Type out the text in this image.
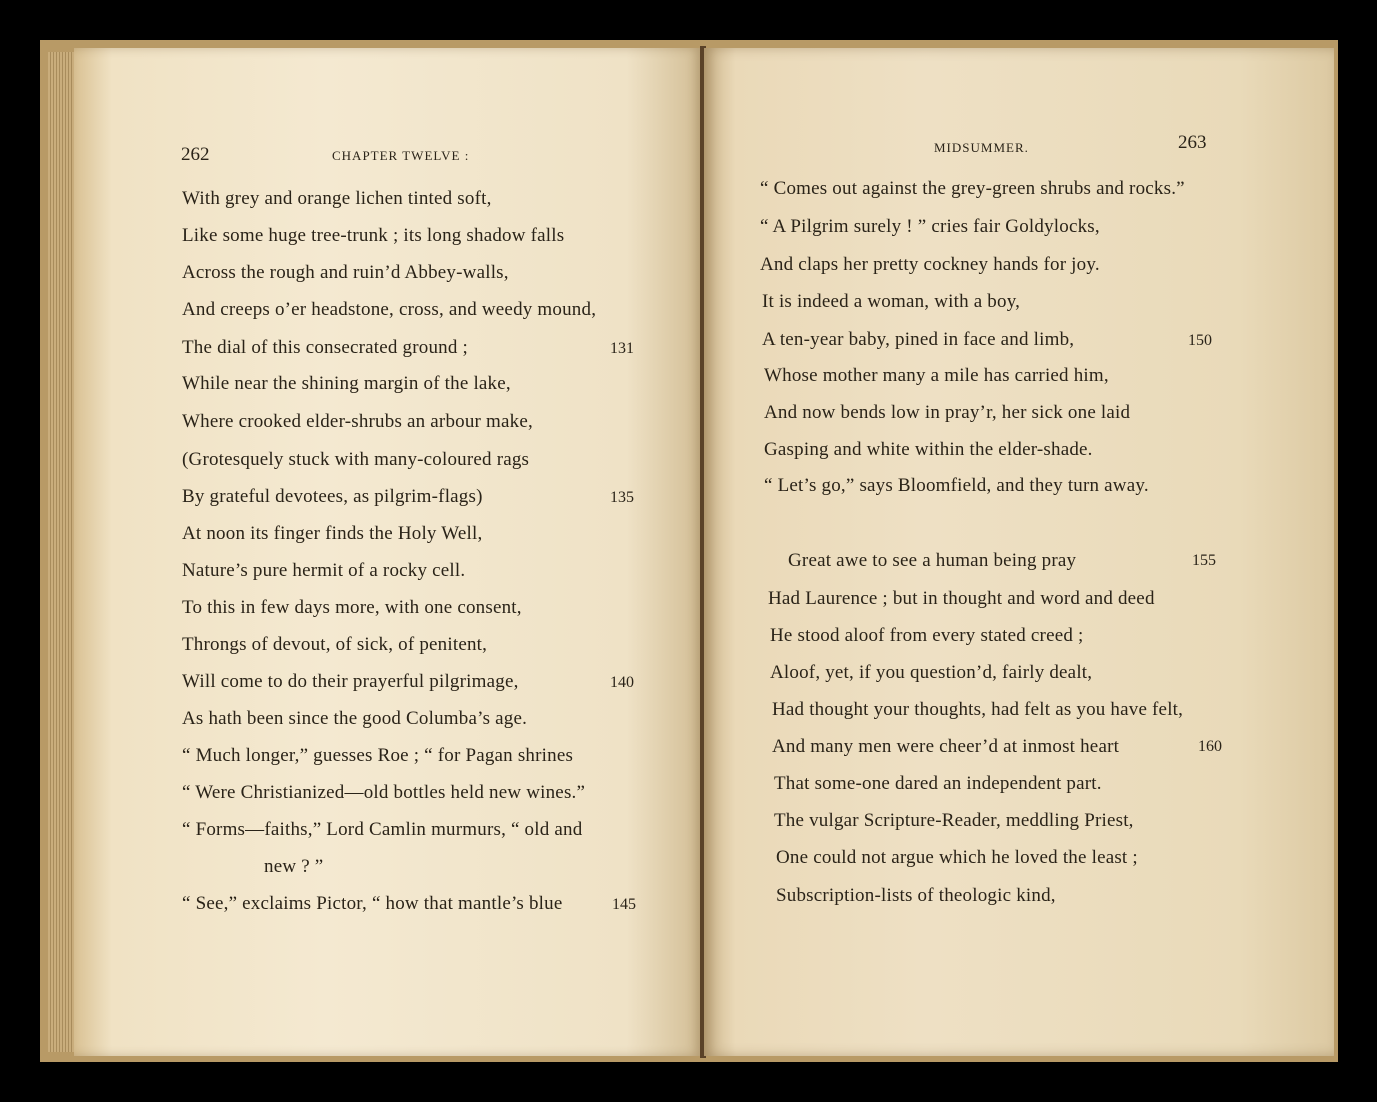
262	CHAPTER TWELVE :
With grey and orange lichen tinted soft,
Like some huge tree-trunk ; its long shadow falls
Across the rough and ruin’d Abbey-walls,
And creeps o’er headstone, cross, and weedy mound,
The dial of this consecrated ground ;	131
While near the shining margin of the lake,
Where crooked elder-shrubs an arbour make,
(Grotesquely stuck with many-coloured rags
By grateful devotees, as pilgrim-flags)	135
At noon its finger finds the Holy Well,
Nature’s pure hermit of a rocky cell.
To this in few days more, with one consent,
Throngs of devout, of sick, of penitent,
Will come to do their prayerful pilgrimage,	140
As hath been since the good Columba’s age.
“ Much longer,” guesses Roe ; “ for Pagan shrines
“ Were Christianized—old bottles held new wines.”
“ Forms—faiths,” Lord Camlin murmurs, “ old and
new ? ”
“ See,” exclaims Pictor, “ how that mantle’s blue	145
MIDSUMMER.	263
“ Comes out against the grey-green shrubs and rocks.”
“ A Pilgrim surely ! ” cries fair Goldylocks,
And claps her pretty cockney hands for joy.
It is indeed a woman, with a boy,
A ten-year baby, pined in face and limb,	150
Whose mother many a mile has carried him,
And now bends low in pray’r, her sick one laid
Gasping and white within the elder-shade.
“ Let’s go,” says Bloomfield, and they turn away.
Great awe to see a human being pray	155
Had Laurence ; but in thought and word and deed
He stood aloof from every stated creed ;
Aloof, yet, if you question’d, fairly dealt,
Had thought your thoughts, had felt as you have felt,
And many men were cheer’d at inmost heart	160
That some-one dared an independent part.
The vulgar Scripture-Reader, meddling Priest,
One could not argue which he loved the least ;
Subscription-lists of theologic kind,
